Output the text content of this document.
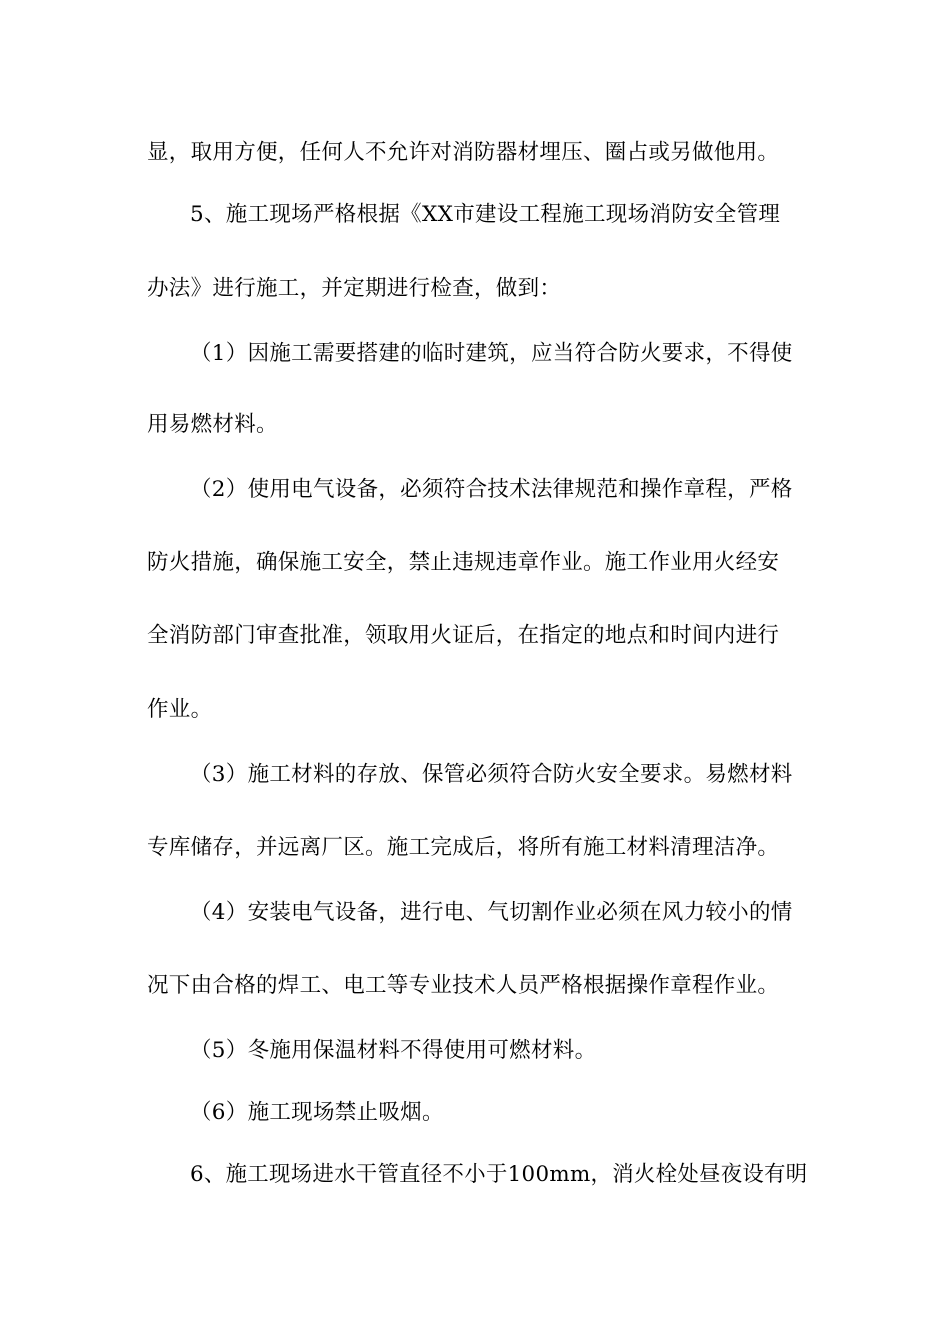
显，取用方便，任何人不允许对消防器材埋压、圈占或另做他用。
5、施工现场严格根据《XX市建设工程施工现场消防安全管理
办法》进行施工，并定期进行检查，做到：
（1）因施工需要搭建的临时建筑，应当符合防火要求，不得使
用易燃材料。
（2）使用电气设备，必须符合技术法律规范和操作章程，严格
防火措施，确保施工安全，禁止违规违章作业。施工作业用火经安
全消防部门审查批准，领取用火证后，在指定的地点和时间内进行
作业。
（3）施工材料的存放、保管必须符合防火安全要求。易燃材料
专库储存，并远离厂区。施工完成后，将所有施工材料清理洁净。
（4）安装电气设备，进行电、气切割作业必须在风力较小的情
况下由合格的焊工、电工等专业技术人员严格根据操作章程作业。
（5）冬施用保温材料不得使用可燃材料。
（6）施工现场禁止吸烟。
6、施工现场进水干管直径不小于100mm，消火栓处昼夜设有明
